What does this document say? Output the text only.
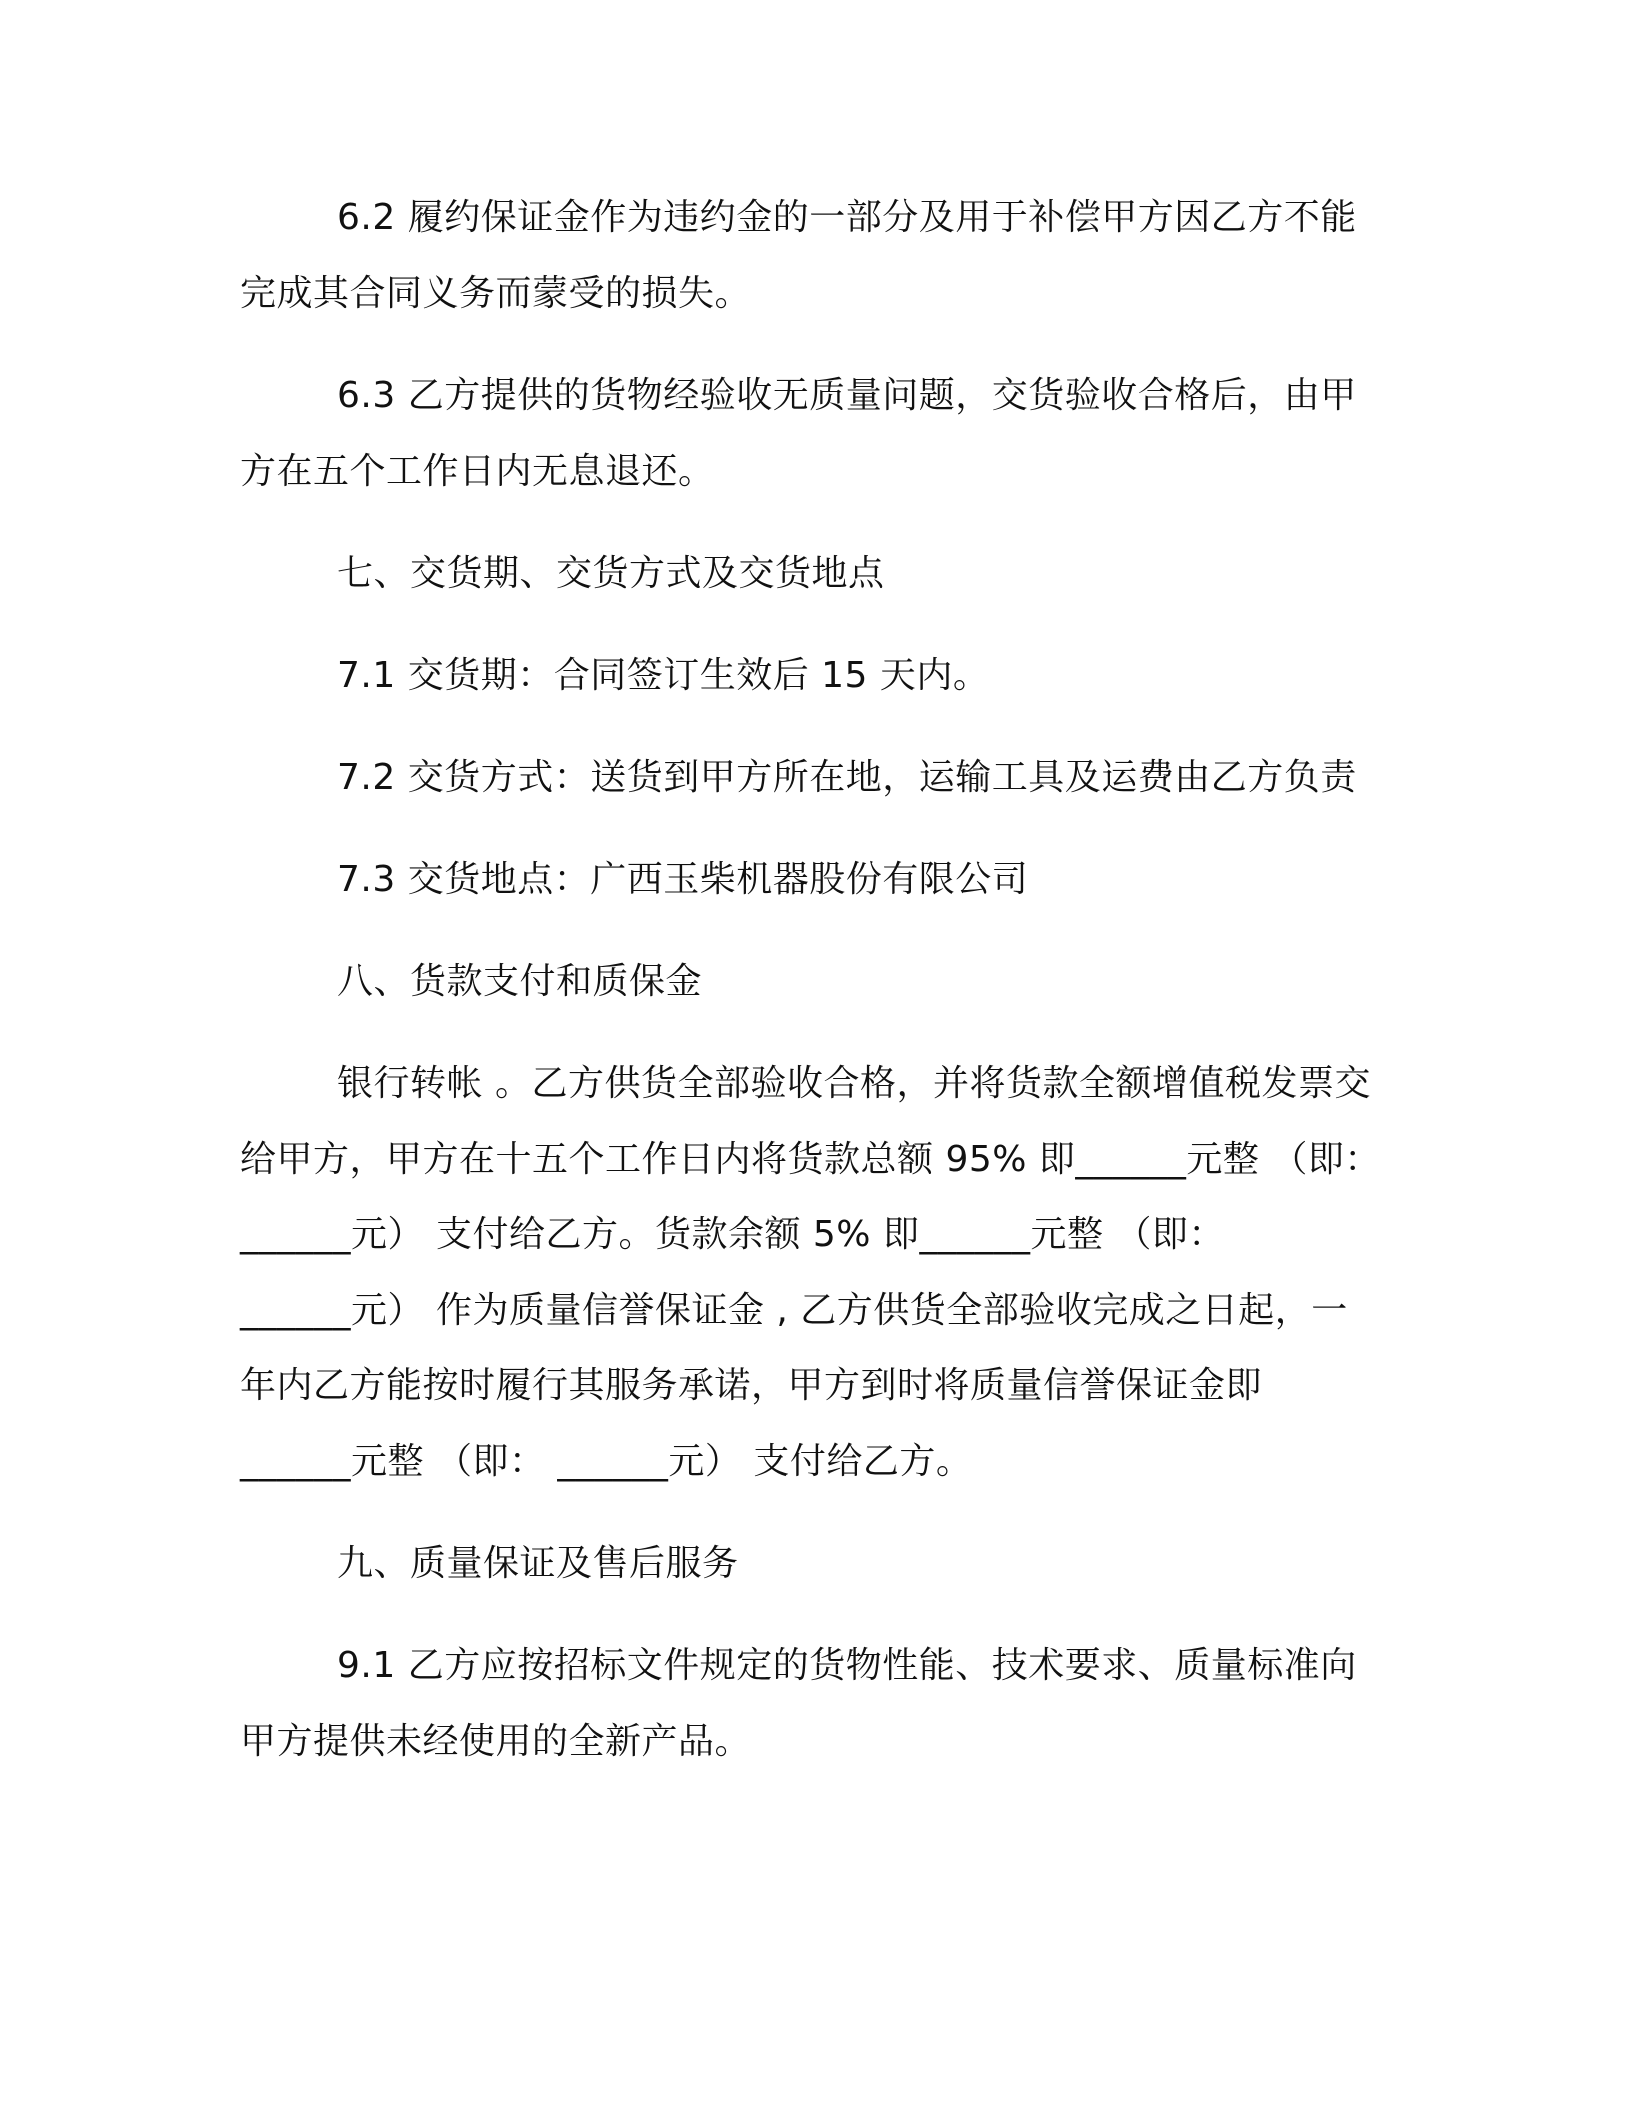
6.2 履约保证金作为违约金的一部分及用于补偿甲方因乙方不能
完成其合同义务而蒙受的损失。
6.3 乙方提供的货物经验收无质量问题，交货验收合格后，由甲
方在五个工作日内无息退还。
七、交货期、交货方式及交货地点
7.1 交货期：合同签订生效后 15 天内。
7.2 交货方式：送货到甲方所在地，运输工具及运费由乙方负责
7.3 交货地点：广西玉柴机器股份有限公司
八、货款支付和质保金
银行转帐 。乙方供货全部验收合格，并将货款全额增值税发票交
给甲方，甲方在十五个工作日内将货款总额 95% 即______元整 （即：
______元） 支付给乙方。货款余额 5% 即______元整 （即：
______元） 作为质量信誉保证金 , 乙方供货全部验收完成之日起，一
年内乙方能按时履行其服务承诺，甲方到时将质量信誉保证金即
______元整 （即： ______元） 支付给乙方。
九、质量保证及售后服务
9.1 乙方应按招标文件规定的货物性能、技术要求、质量标准向
甲方提供未经使用的全新产品。
